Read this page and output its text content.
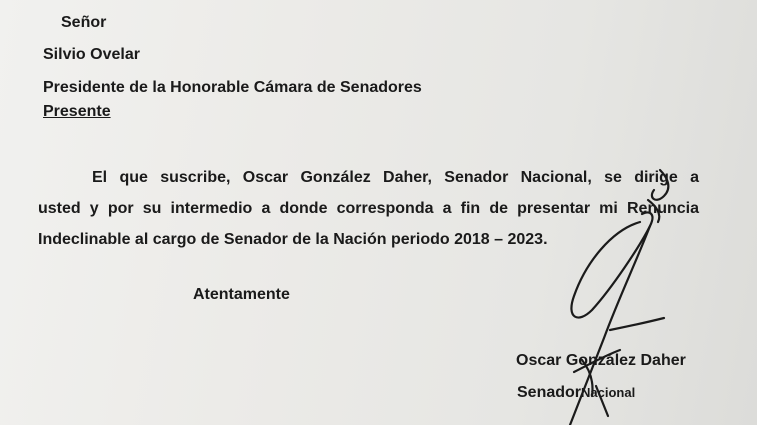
Señor
Silvio Ovelar
Presidente de la Honorable Cámara de Senadores
Presente
El que suscribe, Oscar González Daher, Senador Nacional, se dirige a
usted y por su intermedio a donde corresponda a fin de presentar mi Renuncia
Indeclinable al cargo de Senador de la Nación periodo 2018 – 2023.
Atentamente
Oscar González Daher
SenadorNacional
